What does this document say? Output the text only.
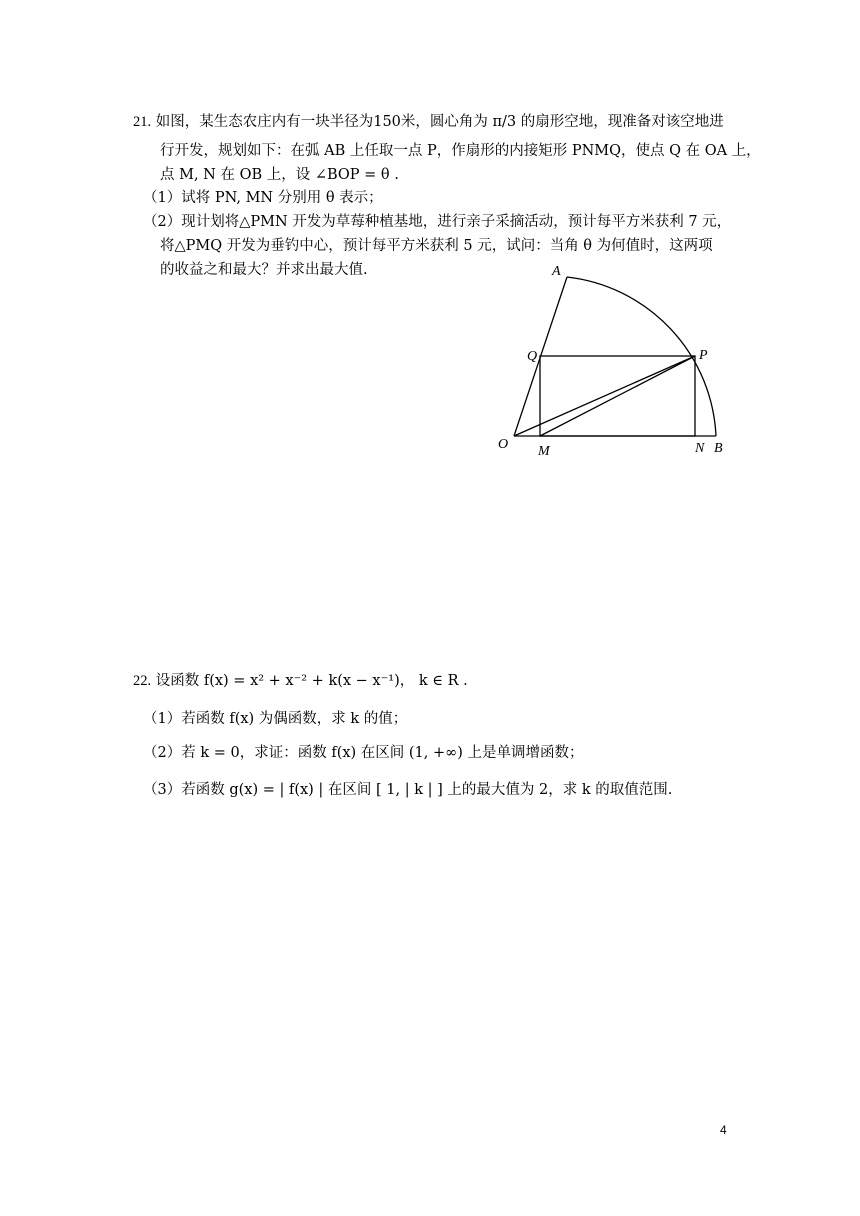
21. 如图，某生态农庄内有一块半径为150米，圆心角为 π/3 的扇形空地，现准备对该空地进
行开发，规划如下：在弧 AB 上任取一点 P，作扇形的内接矩形 PNMQ，使点 Q 在 OA 上，
点 M, N 在 OB 上，设 ∠BOP = θ .
（1）试将 PN, MN 分别用 θ 表示；
（2）现计划将△PMN 开发为草莓种植基地，进行亲子采摘活动，预计每平方米获利 7 元，
将△PMQ 开发为垂钓中心，预计每平方米获利 5 元，试问：当角 θ 为何值时，这两项
的收益之和最大？并求出最大值.	A
P
Q
O M	N B
22. 设函数 f(x) = x² + x⁻² + k(x − x⁻¹)， k ∈ R .
（1）若函数 f(x) 为偶函数，求 k 的值；
（2）若 k = 0，求证：函数 f(x) 在区间 (1, +∞) 上是单调增函数；
（3）若函数 g(x) = | f(x) | 在区间 [ 1, | k | ] 上的最大值为 2，求 k 的取值范围.
4
